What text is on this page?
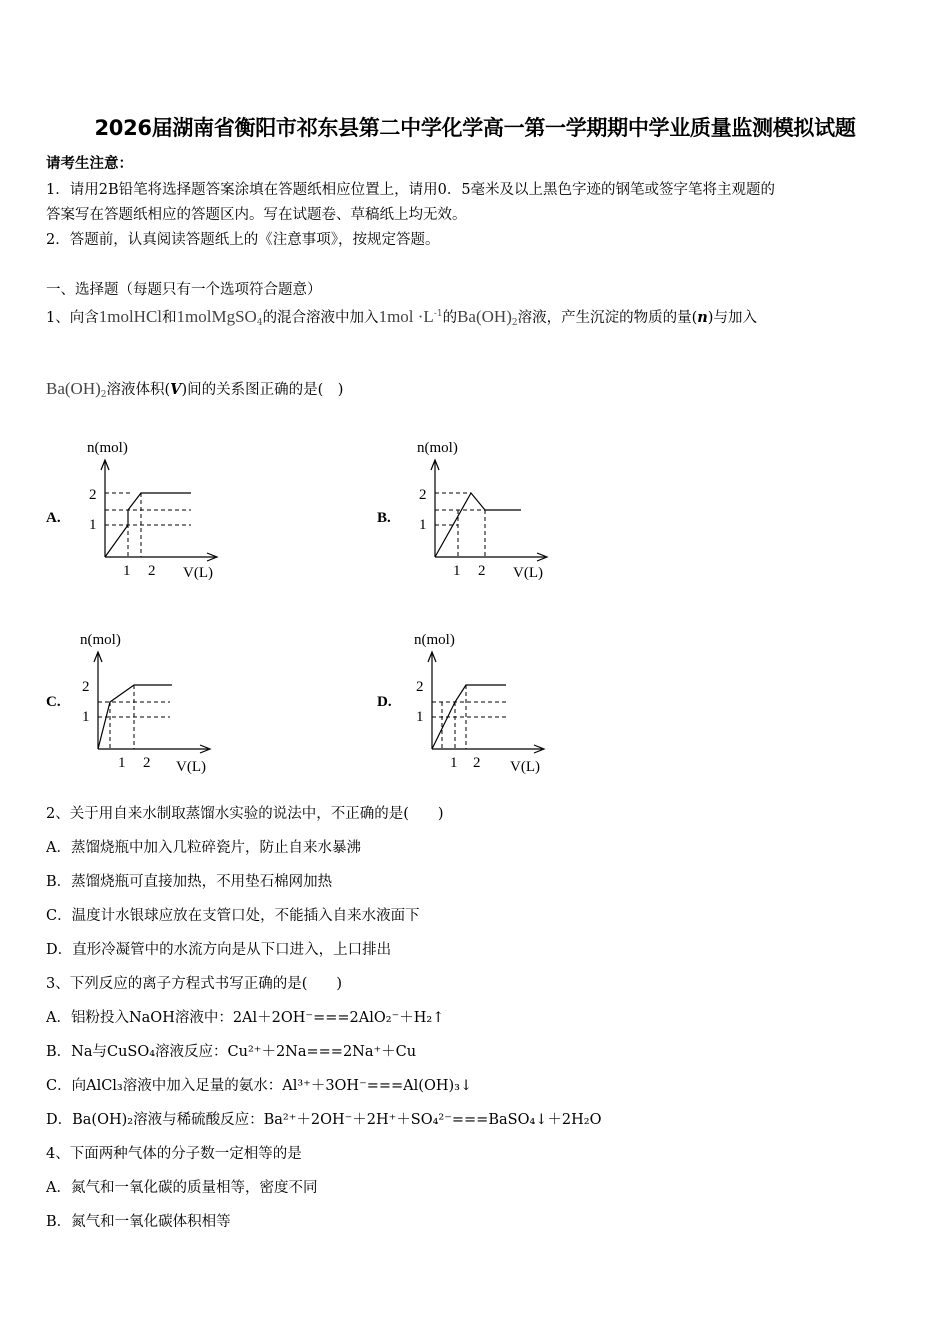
2026届湖南省衡阳市祁东县第二中学化学高一第一学期期中学业质量监测模拟试题
请考生注意：
1．请用2B铅笔将选择题答案涂填在答题纸相应位置上，请用0．5毫米及以上黑色字迹的钢笔或签字笔将主观题的
答案写在答题纸相应的答题区内。写在试题卷、草稿纸上均无效。
2．答题前，认真阅读答题纸上的《注意事项》，按规定答题。
一、选择题（每题只有一个选项符合题意）
1、向含1molHCl和1molMgSO$_4$的混合溶液中加入$1mol \cdot L^{-1}$的$Ba(OH)_2$溶液，产生沉淀的物质的量(n)与加入
$Ba(OH)_2$溶液体积(V)间的关系图正确的是(　)
A.
n(mol)
2
1
1 2 V(L)
B.
n(mol)
2
1
1 2 V(L)
C.
n(mol)
2
1
1 2 V(L)
D.
n(mol)
2
1
1 2 V(L)
2、关于用自来水制取蒸馏水实验的说法中，不正确的是(　　)
A．蒸馏烧瓶中加入几粒碎瓷片，防止自来水暴沸
B．蒸馏烧瓶可直接加热，不用垫石棉网加热
C．温度计水银球应放在支管口处，不能插入自来水液面下
D．直形冷凝管中的水流方向是从下口进入，上口排出
3、下列反应的离子方程式书写正确的是(　　)
A．铝粉投入NaOH溶液中：2Al＋2OH⁻===2AlO₂⁻＋H₂↑
B．Na与CuSO₄溶液反应：Cu²⁺＋2Na===2Na⁺＋Cu
C．向AlCl₃溶液中加入足量的氨水：Al³⁺＋3OH⁻===Al(OH)₃↓
D．Ba(OH)₂溶液与稀硫酸反应：Ba²⁺＋2OH⁻＋2H⁺＋SO₄²⁻===BaSO₄↓＋2H₂O
4、下面两种气体的分子数一定相等的是
A．氮气和一氧化碳的质量相等，密度不同
B．氮气和一氧化碳体积相等
